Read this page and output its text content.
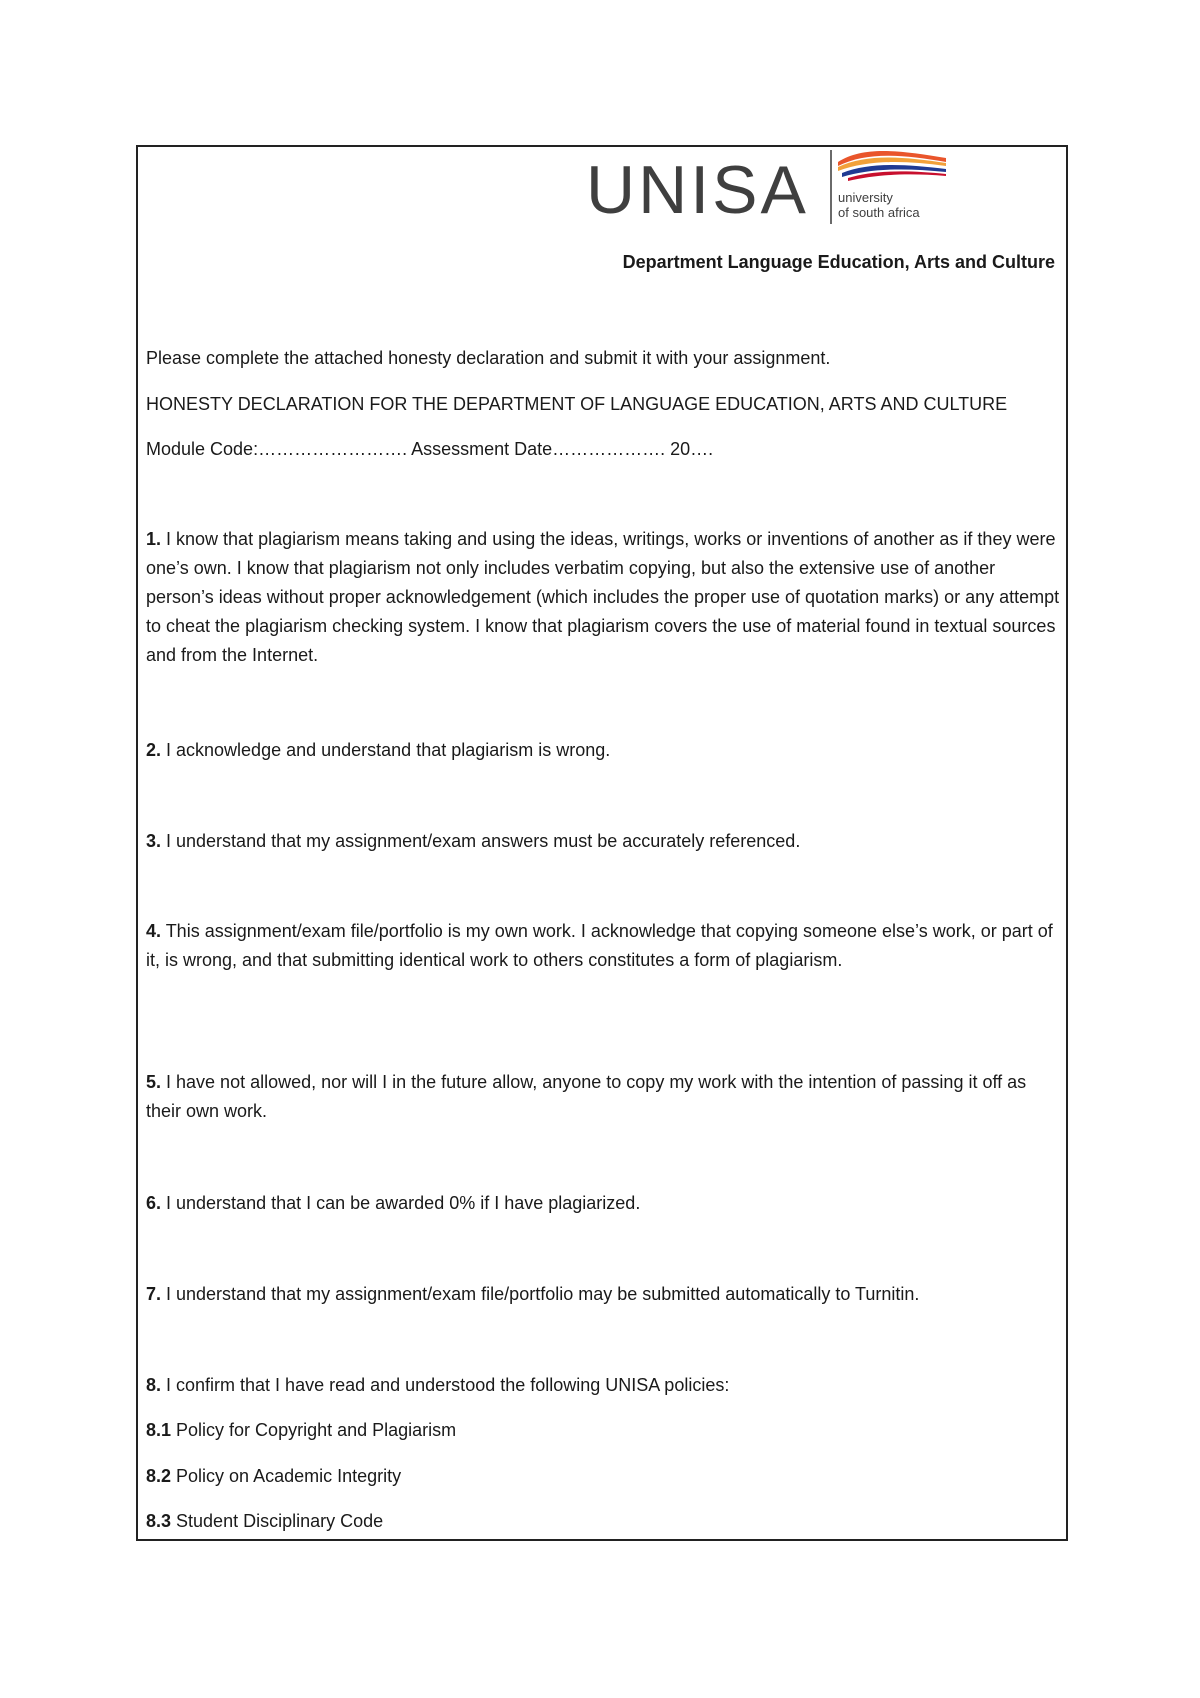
UNISA university
of south africa
Department Language Education, Arts and Culture
Please complete the attached honesty declaration and submit it with your assignment.
HONESTY DECLARATION FOR THE DEPARTMENT OF LANGUAGE EDUCATION, ARTS AND CULTURE
Module Code:……………………. Assessment Date………………. 20….
1. I know that plagiarism means taking and using the ideas, writings, works or inventions of another as if they were one’s own. I know that plagiarism not only includes verbatim copying, but also the extensive use of another person’s ideas without proper acknowledgement (which includes the proper use of quotation marks) or any attempt to cheat the plagiarism checking system. I know that plagiarism covers the use of material found in textual sources and from the Internet.
2. I acknowledge and understand that plagiarism is wrong.
3. I understand that my assignment/exam answers must be accurately referenced.
4. This assignment/exam file/portfolio is my own work. I acknowledge that copying someone else’s work, or part of it, is wrong, and that submitting identical work to others constitutes a form of plagiarism.
5. I have not allowed, nor will I in the future allow, anyone to copy my work with the intention of passing it off as their own work.
6. I understand that I can be awarded 0% if I have plagiarized.
7. I understand that my assignment/exam file/portfolio may be submitted automatically to Turnitin.
8. I confirm that I have read and understood the following UNISA policies:
8.1 Policy for Copyright and Plagiarism
8.2 Policy on Academic Integrity
8.3 Student Disciplinary Code
